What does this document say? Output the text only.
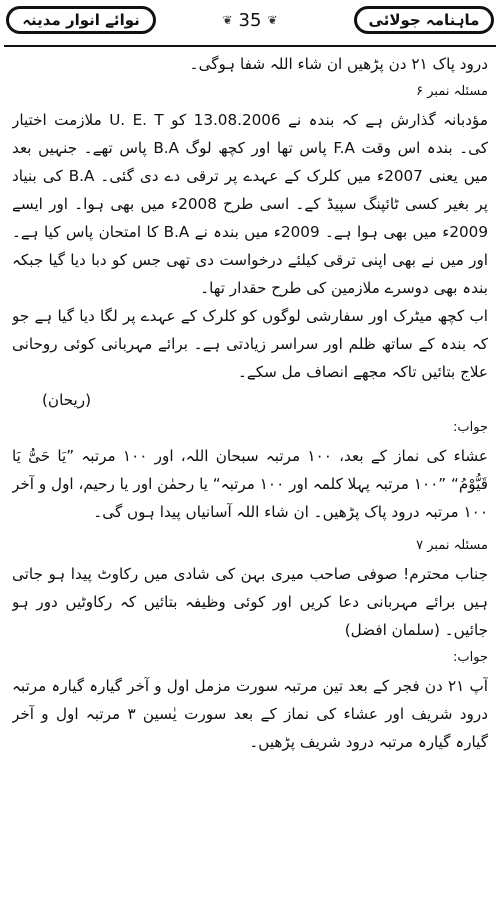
نوائے انوار مدینہ	❦ 35 ❦	ماہنامہ جولائی

درود پاک ۲۱ دن پڑھیں ان شاء اللہ شفا ہوگی۔

مسئلہ نمبر ۶

مؤدبانہ گذارش ہے کہ بندہ نے 13.08.2006 کو U. E. T ملازمت اختیار کی۔ بندہ اس وقت F.A پاس تھا اور کچھ لوگ B.A پاس تھے۔ جنہیں بعد میں یعنی 2007ء میں کلرک کے عہدے پر ترقی دے دی گئی۔ B.A کی بنیاد پر بغیر کسی ٹائپنگ سپیڈ کے۔ اسی طرح 2008ء میں بھی ہوا۔ اور ایسے 2009ء میں بھی ہوا ہے۔ 2009ء میں بندہ نے B.A کا امتحان پاس کیا ہے۔ اور میں نے بھی اپنی ترقی کیلئے درخواست دی تھی جس کو دبا دیا گیا جبکہ بندہ بھی دوسرے ملازمین کی طرح حقدار تھا۔

اب کچھ میٹرک اور سفارشی لوگوں کو کلرک کے عہدے پر لگا دیا گیا ہے جو کہ بندہ کے ساتھ ظلم اور سراسر زیادتی ہے۔ برائے مہربانی کوئی روحانی علاج بتائیں تاکہ مجھے انصاف مل سکے۔

(ریحان)

جواب:

عشاء کی نماز کے بعد، ۱۰۰ مرتبہ سبحان اللہ، اور ۱۰۰ مرتبہ ”یَا حَیُّ یَا قَیُّوْمُ“ ”۱۰۰ مرتبہ پہلا کلمہ اور ۱۰۰ مرتبہ“ یا رحمٰن اور یا رحیم، اول و آخر ۱۰۰ مرتبہ درود پاک پڑھیں۔ ان شاء اللہ آسانیاں پیدا ہوں گی۔

مسئلہ نمبر ۷

جناب محترم! صوفی صاحب میری بہن کی شادی میں رکاوٹ پیدا ہو جاتی ہیں برائے مہربانی دعا کریں اور کوئی وظیفہ بتائیں کہ رکاوٹیں دور ہو جائیں۔ (سلمان افضل)

جواب:

آپ ۲۱ دن فجر کے بعد تین مرتبہ سورت مزمل اول و آخر گیارہ گیارہ مرتبہ درود شریف اور عشاء کی نماز کے بعد سورت یٰسین ۳ مرتبہ اول و آخر گیارہ گیارہ مرتبہ درود شریف پڑھیں۔
